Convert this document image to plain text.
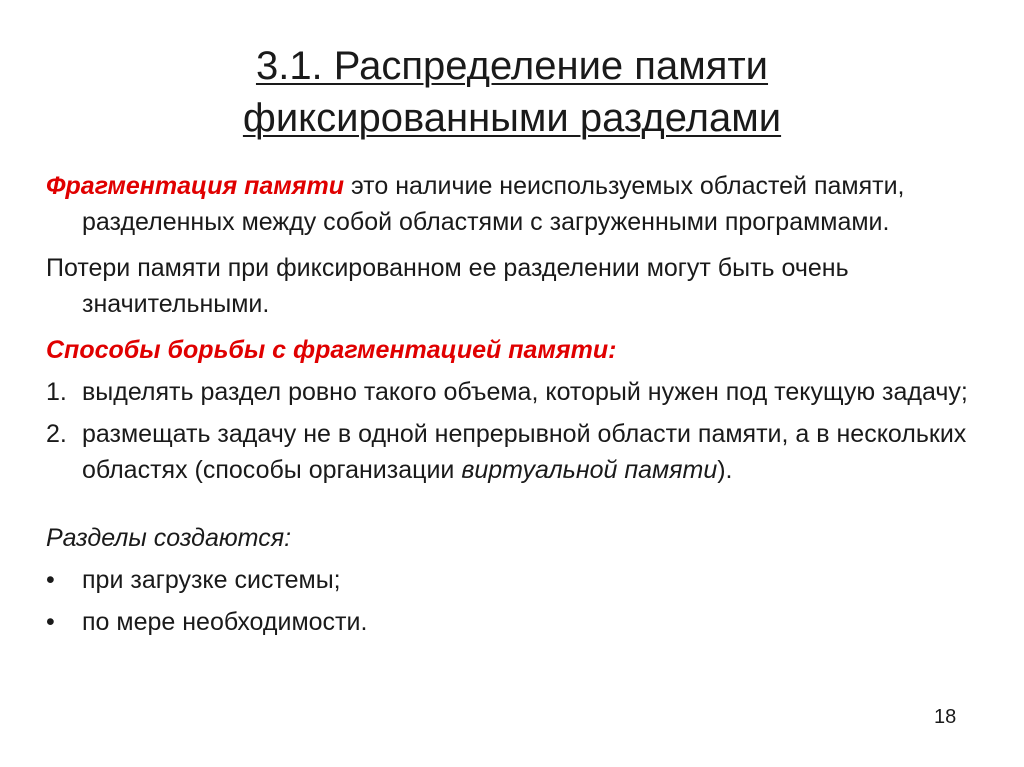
3.1. Распределение памяти
фиксированными разделами

Фрагментация памяти это наличие неиспользуемых областей памяти, разделенных между собой областями с загруженными программами.

Потери памяти при фиксированном ее разделении могут быть очень значительными.

Способы борьбы с фрагментацией памяти:

1. выделять раздел ровно такого объема, который нужен под текущую задачу;
2. размещать задачу не в одной непрерывной области памяти, а в нескольких областях (способы организации виртуальной памяти).

Разделы создаются:

•	при загрузке системы;
•	по мере необходимости.
18
